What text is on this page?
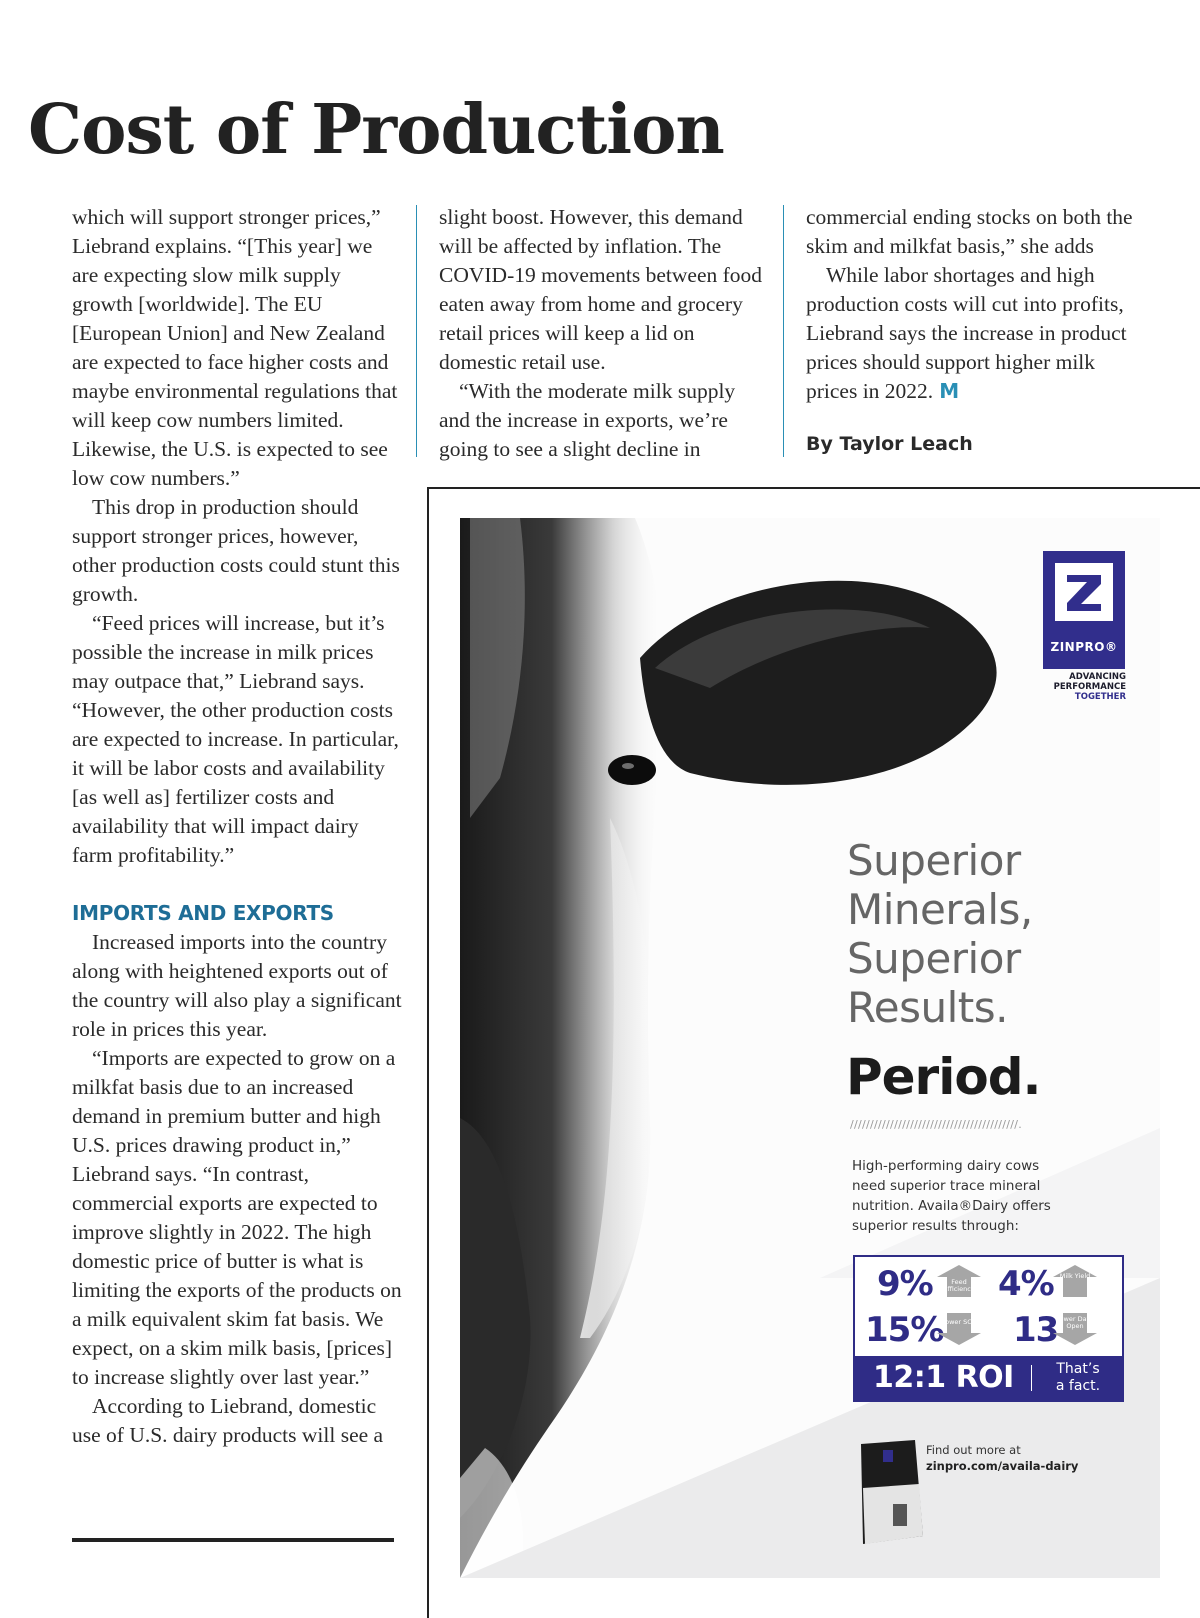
Cost of Production

which will support stronger prices,” Liebrand explains. “[This year] we are expecting slow milk supply growth [worldwide]. The EU [European Union] and New Zealand are expected to face higher costs and maybe environmental regulations that will keep cow numbers limited. Likewise, the U.S. is expected to see low cow numbers.”

This drop in production should support stronger prices, however, other production costs could stunt this growth.

“Feed prices will increase, but it’s possible the increase in milk prices may outpace that,” Liebrand says. “However, the other production costs are expected to increase. In particular, it will be labor costs and availability [as well as] fertilizer costs and availability that will impact dairy farm profitability.”

IMPORTS AND EXPORTS

Increased imports into the country along with heightened exports out of the country will also play a significant role in prices this year.

“Imports are expected to grow on a milkfat basis due to an increased demand in premium butter and high U.S. prices drawing product in,” Liebrand says. “In contrast, commercial exports are expected to improve slightly in 2022. The high domestic price of butter is what is limiting the exports of the products on a milk equivalent skim fat basis. We expect, on a skim milk basis, [prices] to increase slightly over last year.”

According to Liebrand, domestic use of U.S. dairy products will see a

slight boost. However, this demand will be affected by inflation. The COVID-19 movements between food eaten away from home and grocery retail prices will keep a lid on domestic retail use.

“With the moderate milk supply and the increase in exports, we’re going to see a slight decline in

commercial ending stocks on both the skim and milkfat basis,” she adds

While labor shortages and high production costs will cut into profits, Liebrand says the increase in product prices should support higher milk prices in 2022. M

By Taylor Leach
ZINPRO®
ADVANCING
PERFORMANCE
TOGETHER
Superior
Minerals,
Superior
Results.
Period.
//////////////////////////////////////////.
High-performing dairy cows need superior trace mineral nutrition. Availa®Dairy offers superior results through:
9%	Feed Efficiency 4% Milk Yield
15%
Lower SCC 13
Fewer Days Open
12:1 ROI	That’s
a fact.
Find out more at
zinpro.com/availa-dairy
